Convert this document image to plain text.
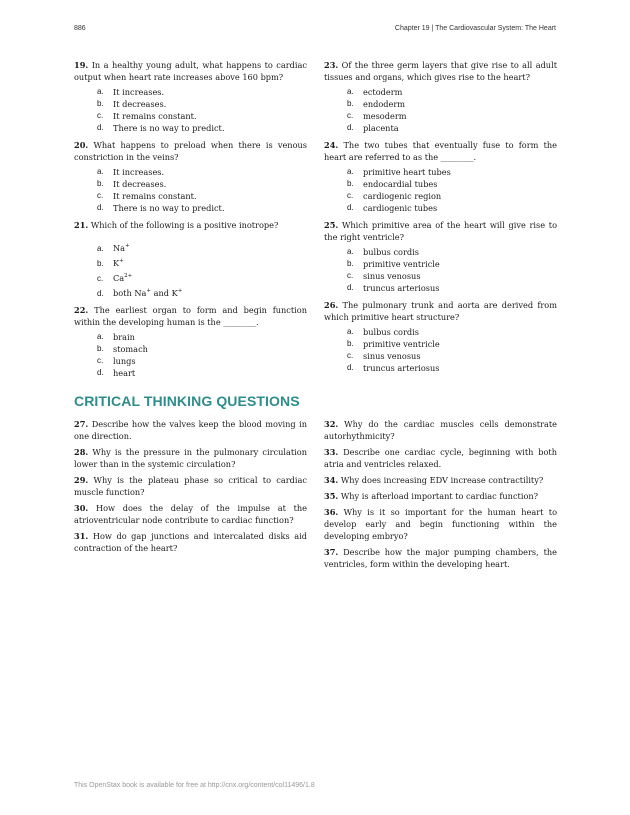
886	Chapter 19 | The Cardiovascular System: The Heart
19. In a healthy young adult, what happens to cardiac output when heart rate increases above 160 bpm?
a. It increases.
b. It decreases.
c. It remains constant.
d. There is no way to predict.
20. What happens to preload when there is venous constriction in the veins?
a. It increases.
b. It decreases.
c. It remains constant.
d. There is no way to predict.
21. Which of the following is a positive inotrope?
a. Na+
b. K+
c. $Ca^{2+}$
d. both Na+ and K+
22. The earliest organ to form and begin function within the developing human is the ________.
a. brain
b. stomach
c. lungs
d. heart
23. Of the three germ layers that give rise to all adult tissues and organs, which gives rise to the heart?
a. ectoderm
b. endoderm
c. mesoderm
d. placenta
24. The two tubes that eventually fuse to form the heart are referred to as the ________.
a. primitive heart tubes
b. endocardial tubes
c. cardiogenic region
d. cardiogenic tubes
25. Which primitive area of the heart will give rise to the right ventricle?
a. bulbus cordis
b. primitive ventricle
c. sinus venosus
d. truncus arteriosus
26. The pulmonary trunk and aorta are derived from which primitive heart structure?
a. bulbus cordis
b. primitive ventricle
c. sinus venosus
d. truncus arteriosus
CRITICAL THINKING QUESTIONS
27. Describe how the valves keep the blood moving in one direction.
28. Why is the pressure in the pulmonary circulation lower than in the systemic circulation?
29. Why is the plateau phase so critical to cardiac muscle function?
30. How does the delay of the impulse at the atrioventricular node contribute to cardiac function?
31. How do gap junctions and intercalated disks aid contraction of the heart?
32. Why do the cardiac muscles cells demonstrate autorhythmicity?
33. Describe one cardiac cycle, beginning with both atria and ventricles relaxed.
34. Why does increasing EDV increase contractility?
35. Why is afterload important to cardiac function?
36. Why is it so important for the human heart to develop early and begin functioning within the developing embryo?
37. Describe how the major pumping chambers, the ventricles, form within the developing heart.
This OpenStax book is available for free at http://cnx.org/content/col11496/1.8
